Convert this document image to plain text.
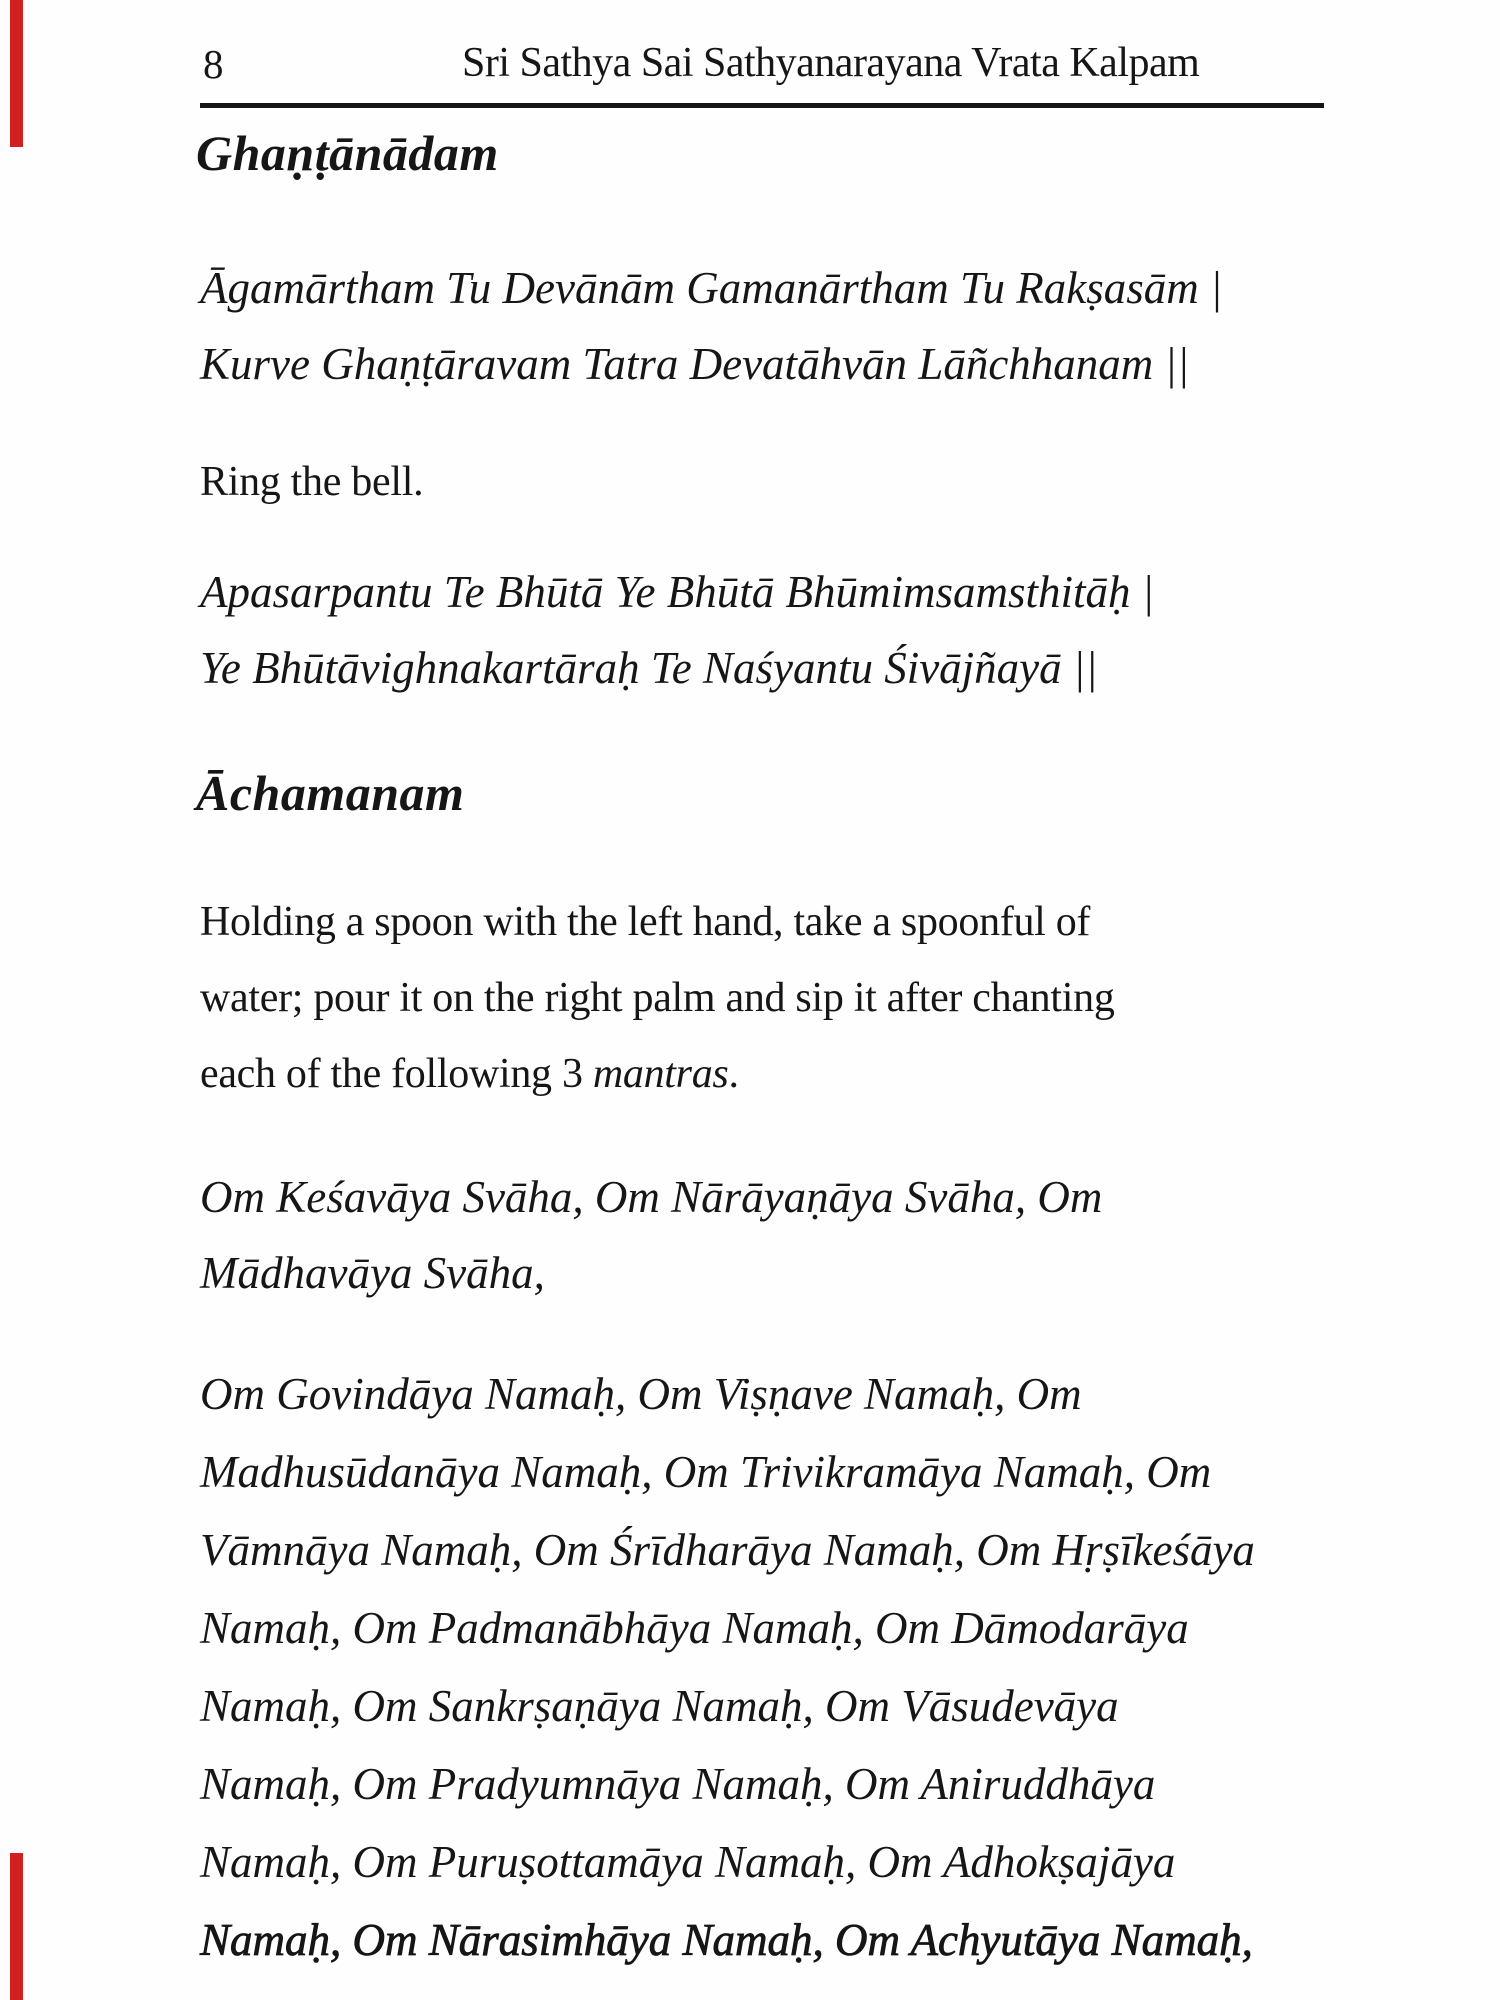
8	Sri Sathya Sai Sathyanarayana Vrata Kalpam
Ghaṇṭānādam
Āgamārtham Tu Devānām Gamanārtham Tu Rakṣasām |
Kurve Ghaṇṭāravam Tatra Devatāhvān Lāñchhanam ||

Ring the bell.

Apasarpantu Te Bhūtā Ye Bhūtā Bhūmimsamsthitāḥ |
Ye Bhūtāvighnakartāraḥ Te Naśyantu Śivājñayā ||
Āchamanam
Holding a spoon with the left hand, take a spoonful of
water; pour it on the right palm and sip it after chanting
each of the following 3 mantras.
Om Keśavāya Svāha, Om Nārāyaṇāya Svāha, Om
Mādhavāya Svāha,
Om Govindāya Namaḥ, Om Viṣṇave Namaḥ, Om
Madhusūdanāya Namaḥ, Om Trivikramāya Namaḥ, Om
Vāmnāya Namaḥ, Om Śrīdharāya Namaḥ, Om Hṛṣīkeśāya
Namaḥ, Om Padmanābhāya Namaḥ, Om Dāmodarāya
Namaḥ, Om Sankrṣaṇāya Namaḥ, Om Vāsudevāya
Namaḥ, Om Pradyumnāya Namaḥ, Om Aniruddhāya
Namaḥ, Om Puruṣottamāya Namaḥ, Om Adhokṣajāya
Namaḥ, Om Nārasimhāya Namaḥ, Om Achyutāya Namaḥ,
